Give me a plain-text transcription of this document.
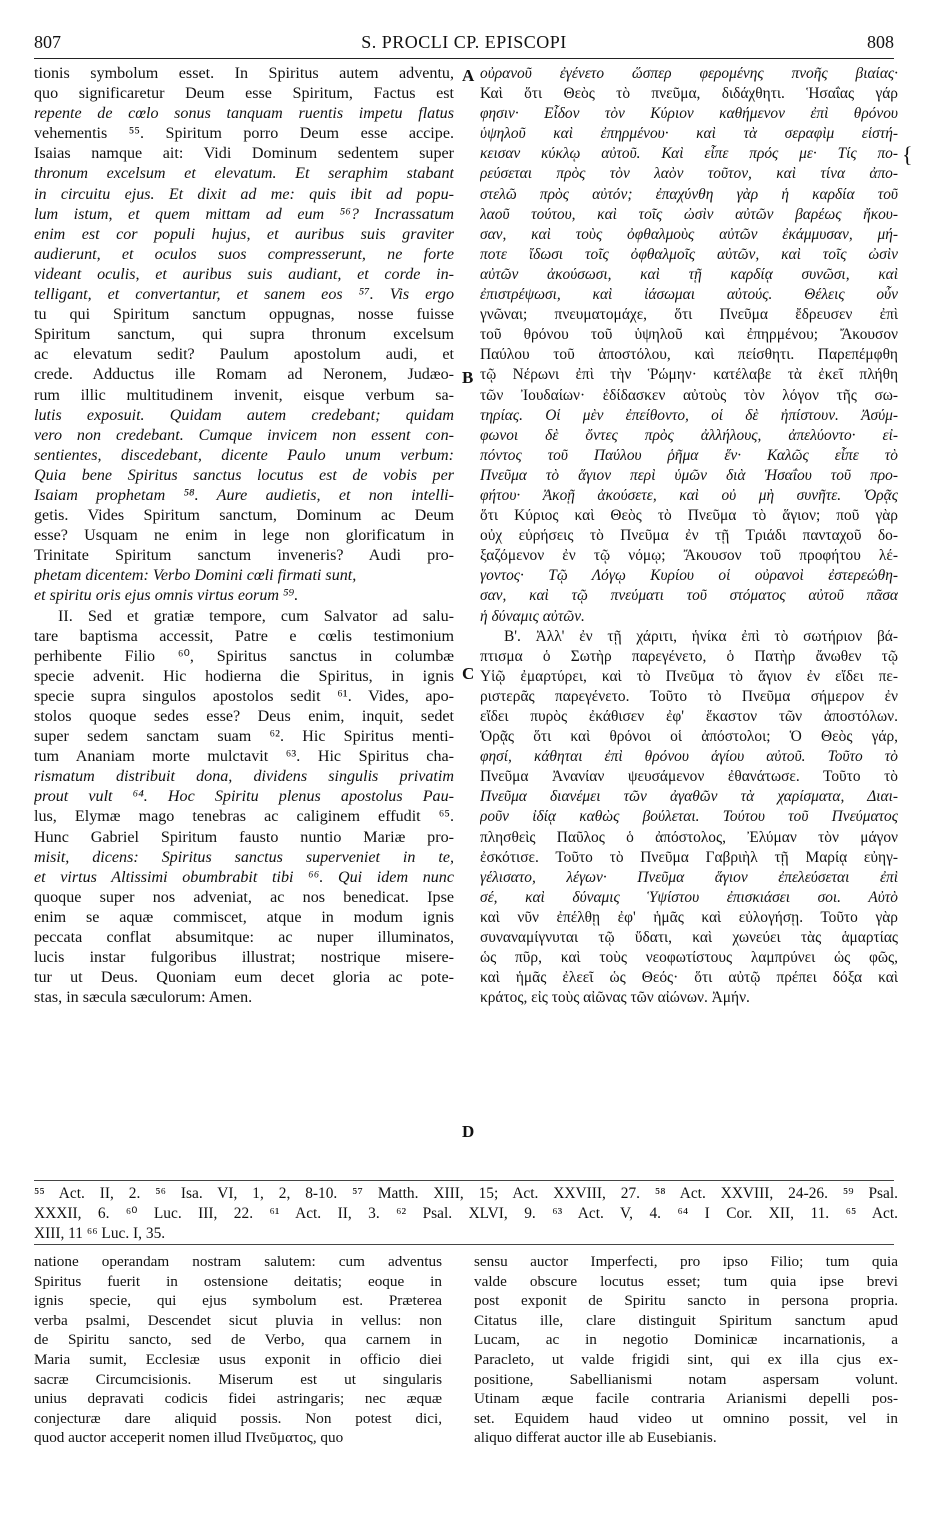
807	S. PROCLI CP. EPISCOPI	808
tionis symbolum esset. In Spiritus autem adventu,
quo significaretur Deum esse Spiritum, Factus est
repente de cœlo sonus tanquam ruentis impetu flatus
vehementis ⁵⁵. Spiritum porro Deum esse accipe.
Isaias namque ait: Vidi Dominum sedentem super
thronum excelsum et elevatum. Et seraphim stabant
in circuitu ejus. Et dixit ad me: quis ibit ad popu-
lum istum, et quem mittam ad eum ⁵⁶? Incrassatum
enim est cor populi hujus, et auribus suis graviter
audierunt, et oculos suos compresserunt, ne forte
videant oculis, et auribus suis audiant, et corde in-
telligant, et convertantur, et sanem eos ⁵⁷. Vis ergo
tu qui Spiritum sanctum oppugnas, nosse fuisse
Spiritum sanctum, qui supra thronum excelsum
ac elevatum sedit? Paulum apostolum audi, et
crede. Adductus ille Romam ad Neronem, Judæo-
rum illic multitudinem invenit, eisque verbum sa-
lutis exposuit. Quidam autem credebant; quidam
vero non credebant. Cumque invicem non essent con-
sentientes, discedebant, dicente Paulo unum verbum:
Quia bene Spiritus sanctus locutus est de vobis per
Isaiam prophetam ⁵⁸. Aure audietis, et non intelli-
getis. Vides Spiritum sanctum, Dominum ac Deum
esse? Usquam ne enim in lege non glorificatum in
Trinitate Spiritum sanctum inveneris? Audi pro-
phetam dicentem: Verbo Domini cœli firmati sunt,
et spiritu oris ejus omnis virtus eorum ⁵⁹.
II. Sed et gratiæ tempore, cum Salvator ad salu-
tare baptisma accessit, Patre e cœlis testimonium
perhibente Filio ⁶⁰, Spiritus sanctus in columbæ
specie advenit. Hic hodierna die Spiritus, in ignis
specie supra singulos apostolos sedit ⁶¹. Vides, apo-
stolos quoque sedes esse? Deus enim, inquit, sedet
super sedem sanctam suam ⁶². Hic Spiritus menti-
tum Ananiam morte mulctavit ⁶³. Hic Spiritus cha-
rismatum distribuit dona, dividens singulis privatim
prout vult ⁶⁴. Hoc Spiritu plenus apostolus Pau-
lus, Elymæ mago tenebras ac caliginem effudit ⁶⁵.
Hunc Gabriel Spiritum fausto nuntio Mariæ pro-
misit, dicens: Spiritus sanctus superveniet in te,
et virtus Altissimi obumbrabit tibi ⁶⁶. Qui idem nunc
quoque super nos adveniat, ac nos benedicat. Ipse
enim se aquæ commiscet, atque in modum ignis
peccata conflat absumitque: ac nuper illuminatos,
lucis instar fulgoribus illustrat; nostrique misere-
tur ut Deus. Quoniam eum decet gloria ac pote-
stas, in sæcula sæculorum: Amen.
οὐρανοῦ ἐγένετο ὥσπερ φερομένης πνοῆς βιαίας·
Καὶ ὅτι Θεὸς τὸ πνεῦμα, διδάχθητι. Ἡσαΐας γάρ
φησιν· Εἶδον τὸν Κύριον καθήμενον ἐπὶ θρόνου
ὑψηλοῦ καὶ ἐπηρμένου· καὶ τὰ σεραφὶμ εἱστή-
κεισαν κύκλῳ αὐτοῦ. Καὶ εἶπε πρός με· Τίς πο-
ρεύσεται πρὸς τὸν λαὸν τοῦτον, καὶ τίνα ἀπο-
στελῶ πρὸς αὐτόν; ἐπαχύνθη γὰρ ἡ καρδία τοῦ
λαοῦ τούτου, καὶ τοῖς ὠσὶν αὐτῶν βαρέως ἤκου-
σαν, καὶ τοὺς ὀφθαλμοὺς αὐτῶν ἐκάμμυσαν, μή-
ποτε ἴδωσι τοῖς ὀφθαλμοῖς αὐτῶν, καὶ τοῖς ὠσὶν
αὐτῶν ἀκούσωσι, καὶ τῇ καρδίᾳ συνῶσι, καὶ
ἐπιστρέψωσι, καὶ ἰάσωμαι αὐτούς. Θέλεις οὖν
γνῶναι; πνευματομάχε, ὅτι Πνεῦμα ἔδρευσεν ἐπὶ
τοῦ θρόνου τοῦ ὑψηλοῦ καὶ ἐπηρμένου; Ἄκουσον
Παύλου τοῦ ἀποστόλου, καὶ πείσθητι. Παρεπέμφθη
τῷ Νέρωνι ἐπὶ τὴν Ῥώμην· κατέλαβε τὰ ἐκεῖ πλήθη
τῶν Ἰουδαίων· ἐδίδασκεν αὐτοὺς τὸν λόγον τῆς σω-
τηρίας. Οἱ μὲν ἐπείθοντο, οἱ δὲ ἠπίστουν. Ἀσύμ-
φωνοι δὲ ὄντες πρὸς ἀλλήλους, ἀπελύοντο· εἰ-
πόντος τοῦ Παύλου ῥῆμα ἕν· Καλῶς εἶπε τὸ
Πνεῦμα τὸ ἅγιον περὶ ὑμῶν διὰ Ἡσαΐου τοῦ προ-
φήτου· Ἀκοῇ ἀκούσετε, καὶ οὐ μὴ συνῆτε. Ὁρᾷς
ὅτι Κύριος καὶ Θεὸς τὸ Πνεῦμα τὸ ἅγιον; ποῦ γὰρ
οὐχ εὑρήσεις τὸ Πνεῦμα ἐν τῇ Τριάδι πανταχοῦ δο-
ξαζόμενον ἐν τῷ νόμῳ; Ἄκουσον τοῦ προφήτου λέ-
γοντος· Τῷ Λόγῳ Κυρίου οἱ οὐρανοὶ ἐστερεώθη-
σαν, καὶ τῷ πνεύματι τοῦ στόματος αὐτοῦ πᾶσα
ἡ δύναμις αὐτῶν.
Β'. Ἀλλ' ἐν τῇ χάριτι, ἡνίκα ἐπὶ τὸ σωτήριον βά-
πτισμα ὁ Σωτὴρ παρεγένετο, ὁ Πατὴρ ἄνωθεν τῷ
Υἱῷ ἐμαρτύρει, καὶ τὸ Πνεῦμα τὸ ἅγιον ἐν εἴδει πε-
ριστερᾶς παρεγένετο. Τοῦτο τὸ Πνεῦμα σήμερον ἐν
εἴδει πυρὸς ἐκάθισεν ἐφ' ἕκαστον τῶν ἀποστόλων.
Ὁρᾷς ὅτι καὶ θρόνοι οἱ ἀπόστολοι; Ὁ Θεὸς γάρ,
φησί, κάθηται ἐπὶ θρόνου ἁγίου αὐτοῦ. Τοῦτο τὸ
Πνεῦμα Ἀνανίαν ψευσάμενον ἐθανάτωσε. Τοῦτο τὸ
Πνεῦμα διανέμει τῶν ἀγαθῶν τὰ χαρίσματα, Διαι-
ροῦν ἰδίᾳ καθὼς βούλεται. Τούτου τοῦ Πνεύματος
πλησθεὶς Παῦλος ὁ ἀπόστολος, Ἐλύμαν τὸν μάγον
ἐσκότισε. Τοῦτο τὸ Πνεῦμα Γαβριὴλ τῇ Μαρίᾳ εὐηγ-
γέλισατο, λέγων· Πνεῦμα ἅγιον ἐπελεύσεται ἐπὶ
σέ, καὶ δύναμις Ὑψίστου ἐπισκιάσει σοι. Αὐτὸ
καὶ νῦν ἐπέλθῃ ἐφ' ἡμᾶς καὶ εὐλογήσῃ. Τοῦτο γὰρ
συναναμίγνυται τῷ ὕδατι, καὶ χωνεύει τὰς ἁμαρτίας
ὡς πῦρ, καὶ τοὺς νεοφωτίστους λαμπρύνει ὡς φῶς,
καὶ ἡμᾶς ἐλεεῖ ὡς Θεός· ὅτι αὐτῷ πρέπει δόξα καὶ
κράτος, εἰς τοὺς αἰῶνας τῶν αἰώνων. Ἀμήν.
A
B
C
D
{
⁵⁵ Act. II, 2. ⁵⁶ Isa. VI, 1, 2, 8-10. ⁵⁷ Matth. XIII, 15; Act. XXVIII, 27. ⁵⁸ Act. XXVIII, 24-26. ⁵⁹ Psal.
XXXII, 6. ⁶⁰ Luc. III, 22. ⁶¹ Act. II, 3. ⁶² Psal. XLVI, 9. ⁶³ Act. V, 4. ⁶⁴ I Cor. XII, 11. ⁶⁵ Act.
XIII, 11 ⁶⁶ Luc. I, 35.
natione operandam nostram salutem: cum adventus
Spiritus fuerit in ostensione deitatis; eoque in
ignis specie, qui ejus symbolum est. Præterea
verba psalmi, Descendet sicut pluvia in vellus: non
de Spiritu sancto, sed de Verbo, qua carnem in
Maria sumit, Ecclesiæ usus exponit in officio diei
sacræ Circumcisionis. Miserum est ut singularis
unius depravati codicis fidei astringaris; nec æquæ
conjecturæ dare aliquid possis. Non potest dici,
quod auctor acceperit nomen illud Πνεῦματος, quo
sensu auctor Imperfecti, pro ipso Filio; tum quia
valde obscure locutus esset; tum quia ipse brevi
post exponit de Spiritu sancto in persona propria.
Citatus ille, clare distinguit Spiritum sanctum apud
Lucam, ac in negotio Dominicæ incarnationis, a
Paracleto, ut valde frigidi sint, qui ex illa cjus ex-
positione, Sabellianismi notam aspersam volunt.
Utinam æque facile contraria Arianismi depelli pos-
set. Equidem haud video ut omnino possit, vel in
aliquo differat auctor ille ab Eusebianis.
